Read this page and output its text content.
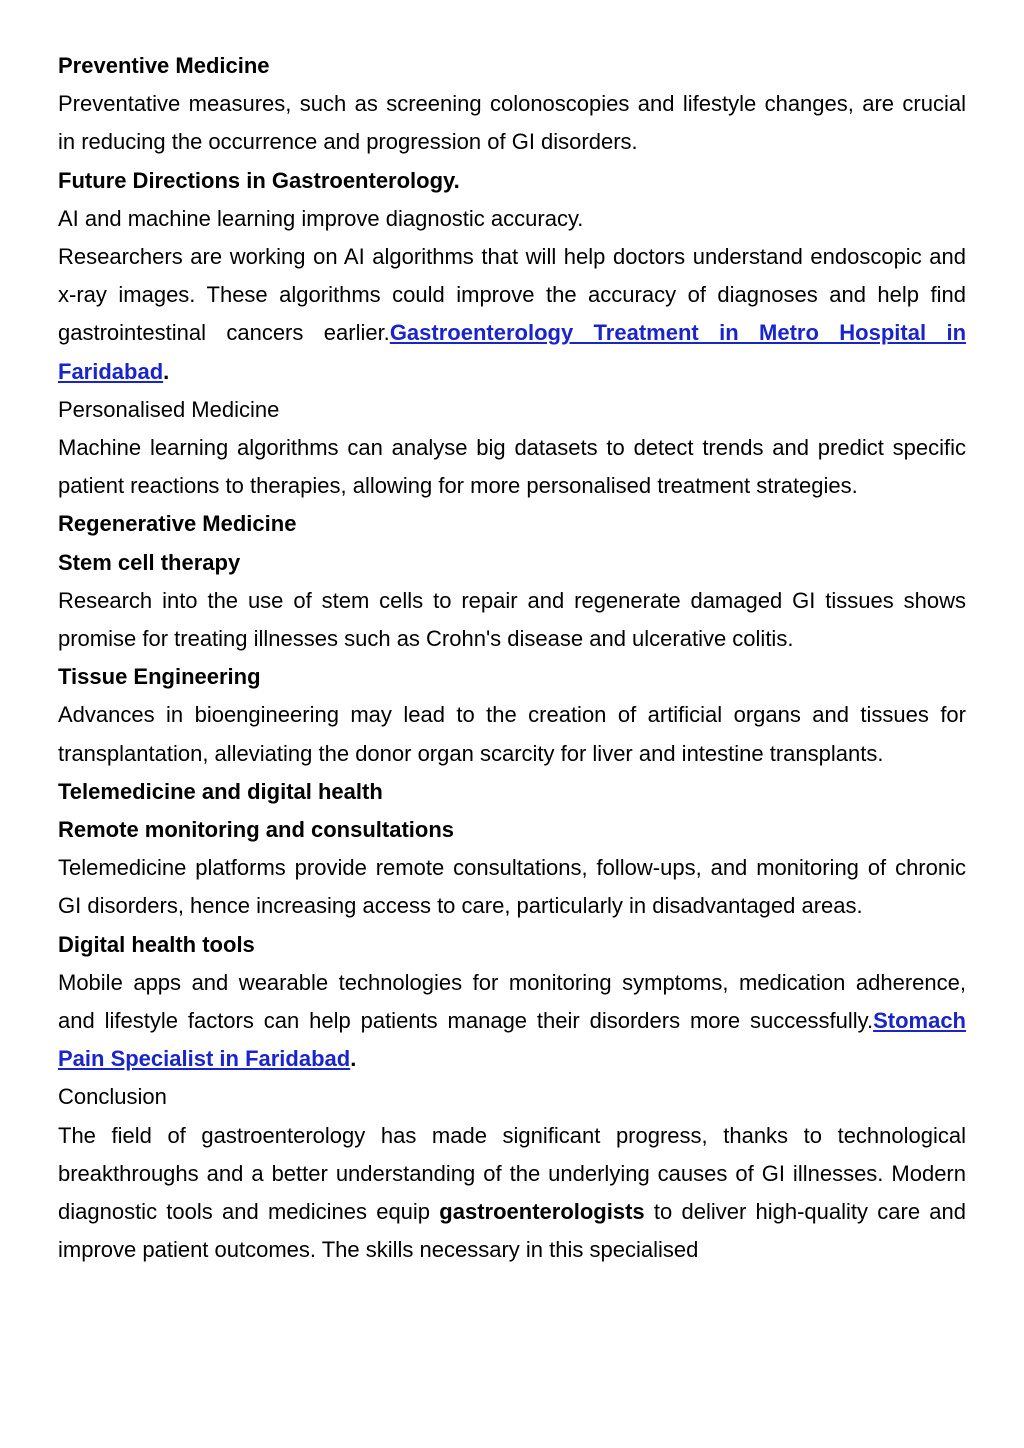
Preventive Medicine

Preventative measures, such as screening colonoscopies and lifestyle changes, are crucial in reducing the occurrence and progression of GI disorders.

Future Directions in Gastroenterology.

AI and machine learning improve diagnostic accuracy.

Researchers are working on AI algorithms that will help doctors understand endoscopic and x-ray images. These algorithms could improve the accuracy of diagnoses and help find gastrointestinal cancers earlier.Gastroenterology Treatment in Metro Hospital in Faridabad.

Personalised Medicine

Machine learning algorithms can analyse big datasets to detect trends and predict specific patient reactions to therapies, allowing for more personalised treatment strategies.

Regenerative Medicine

Stem cell therapy

Research into the use of stem cells to repair and regenerate damaged GI tissues shows promise for treating illnesses such as Crohn's disease and ulcerative colitis.

Tissue Engineering

Advances in bioengineering may lead to the creation of artificial organs and tissues for transplantation, alleviating the donor organ scarcity for liver and intestine transplants.

Telemedicine and digital health

Remote monitoring and consultations

Telemedicine platforms provide remote consultations, follow-ups, and monitoring of chronic GI disorders, hence increasing access to care, particularly in disadvantaged areas.

Digital health tools

Mobile apps and wearable technologies for monitoring symptoms, medication adherence, and lifestyle factors can help patients manage their disorders more successfully.Stomach Pain Specialist in Faridabad.

Conclusion

The field of gastroenterology has made significant progress, thanks to technological breakthroughs and a better understanding of the underlying causes of GI illnesses. Modern diagnostic tools and medicines equip gastroenterologists to deliver high-quality care and improve patient outcomes. The skills necessary in this specialised
